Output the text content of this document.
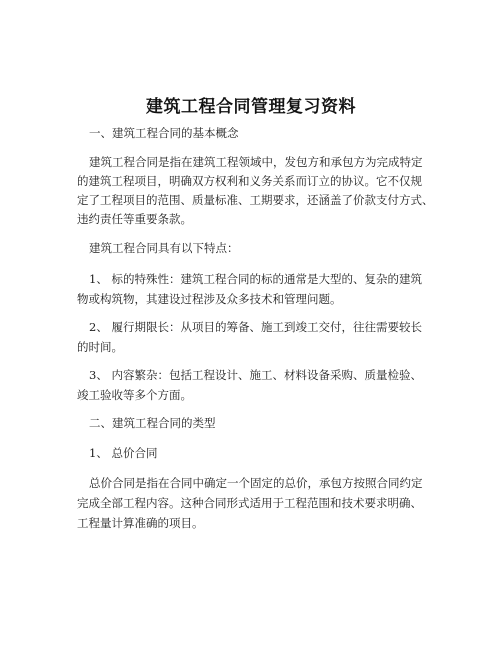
建筑工程合同管理复习资料
一、建筑工程合同的基本概念
建筑工程合同是指在建筑工程领域中，发包方和承包方为完成特定
的建筑工程项目，明确双方权利和义务关系而订立的协议。它不仅规
定了工程项目的范围、质量标准、工期要求，还涵盖了价款支付方式、
违约责任等重要条款。
建筑工程合同具有以下特点：
1、 标的特殊性：建筑工程合同的标的通常是大型的、复杂的建筑
物或构筑物，其建设过程涉及众多技术和管理问题。
2、 履行期限长：从项目的筹备、施工到竣工交付，往往需要较长
的时间。
3、 内容繁杂：包括工程设计、施工、材料设备采购、质量检验、
竣工验收等多个方面。
二、建筑工程合同的类型
1、 总价合同
总价合同是指在合同中确定一个固定的总价，承包方按照合同约定
完成全部工程内容。这种合同形式适用于工程范围和技术要求明确、
工程量计算准确的项目。
